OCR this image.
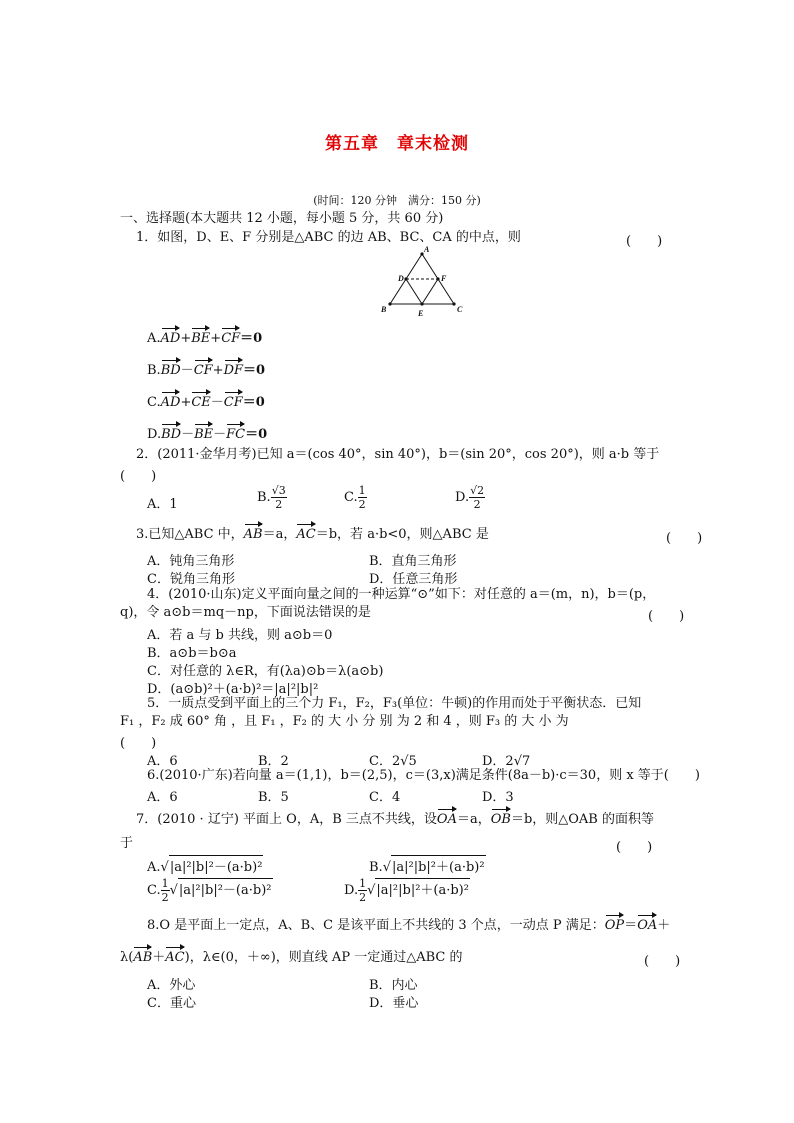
第五章　章末检测
(时间：120 分钟　满分：150 分)
一、选择题(本大题共 12 小题，每小题 5 分，共 60 分)
1．如图，D、E、F 分别是△ABC 的边 AB、BC、CA 的中点，则	(　　)
A
B	C
D	F
E
A.AD+BE+CF＝0
B.BD－CF+DF＝0
C.AD+CE－CF＝0
D.BD－BE－FC＝0
2．(2011·金华月考)已知 a＝(cos 40°，sin 40°)，b＝(sin 20°，cos 20°)，则 a·b 等于
(　　)
A．1	B. $\frac{√3}{2}$	C. $\frac{1}{2}$	D. $\frac{√2}{2}$
3.已知△ABC 中，AB＝a，AC＝b，若 a·b<0，则△ABC 是	(　　)
A．钝角三角形	B．直角三角形
C．锐角三角形	D．任意三角形
4．(2010·山东)定义平面向量之间的一种运算“⊙”如下：对任意的 a＝(m，n)，b＝(p，
q)，令 a⊙b＝mq－np，下面说法错误的是	(　　)
A．若 a 与 b 共线，则 a⊙b＝0
B．a⊙b＝b⊙a
C．对任意的 λ∈R，有(λa)⊙b＝λ(a⊙b)
D．(a⊙b)²＋(a·b)²＝|a|²|b|²
5．一质点受到平面上的三个力 F₁，F₂，F₃(单位：牛顿)的作用而处于平衡状态．已知
F₁ ，F₂ 成 60° 角 ，且 F₁ ，F₂ 的 大 小 分 别 为 2 和 4 ，则 F₃ 的 大 小 为
(　　)
A．6	B．2	C．2√5	D．2√7
6.(2010·广东)若向量 a＝(1,1)，b＝(2,5)，c＝(3,x)满足条件(8a－b)·c＝30，则 x 等于(　　)
A．6	B．5	C．4	D．3
7．(2010 · 辽宁) 平面上 O，A，B 三点不共线，设OA＝a，OB＝b，则△OAB 的面积等
于	(　　)
A. √ |a|²|b|²－(a·b)²	B. √ |a|²|b|²＋(a·b)²
C. $\frac{1}{2}$ √ |a|²|b|²－(a·b)²	D. $\frac{1}{2}$ √ |a|²|b|²＋(a·b)²
8.O 是平面上一定点，A、B、C 是该平面上不共线的 3 个点，一动点 P 满足：OP＝OA＋
λ(AB＋AC)，λ∈(0，＋∞)，则直线 AP 一定通过△ABC 的	(　　)
A．外心	B．内心
C．重心	D．垂心
